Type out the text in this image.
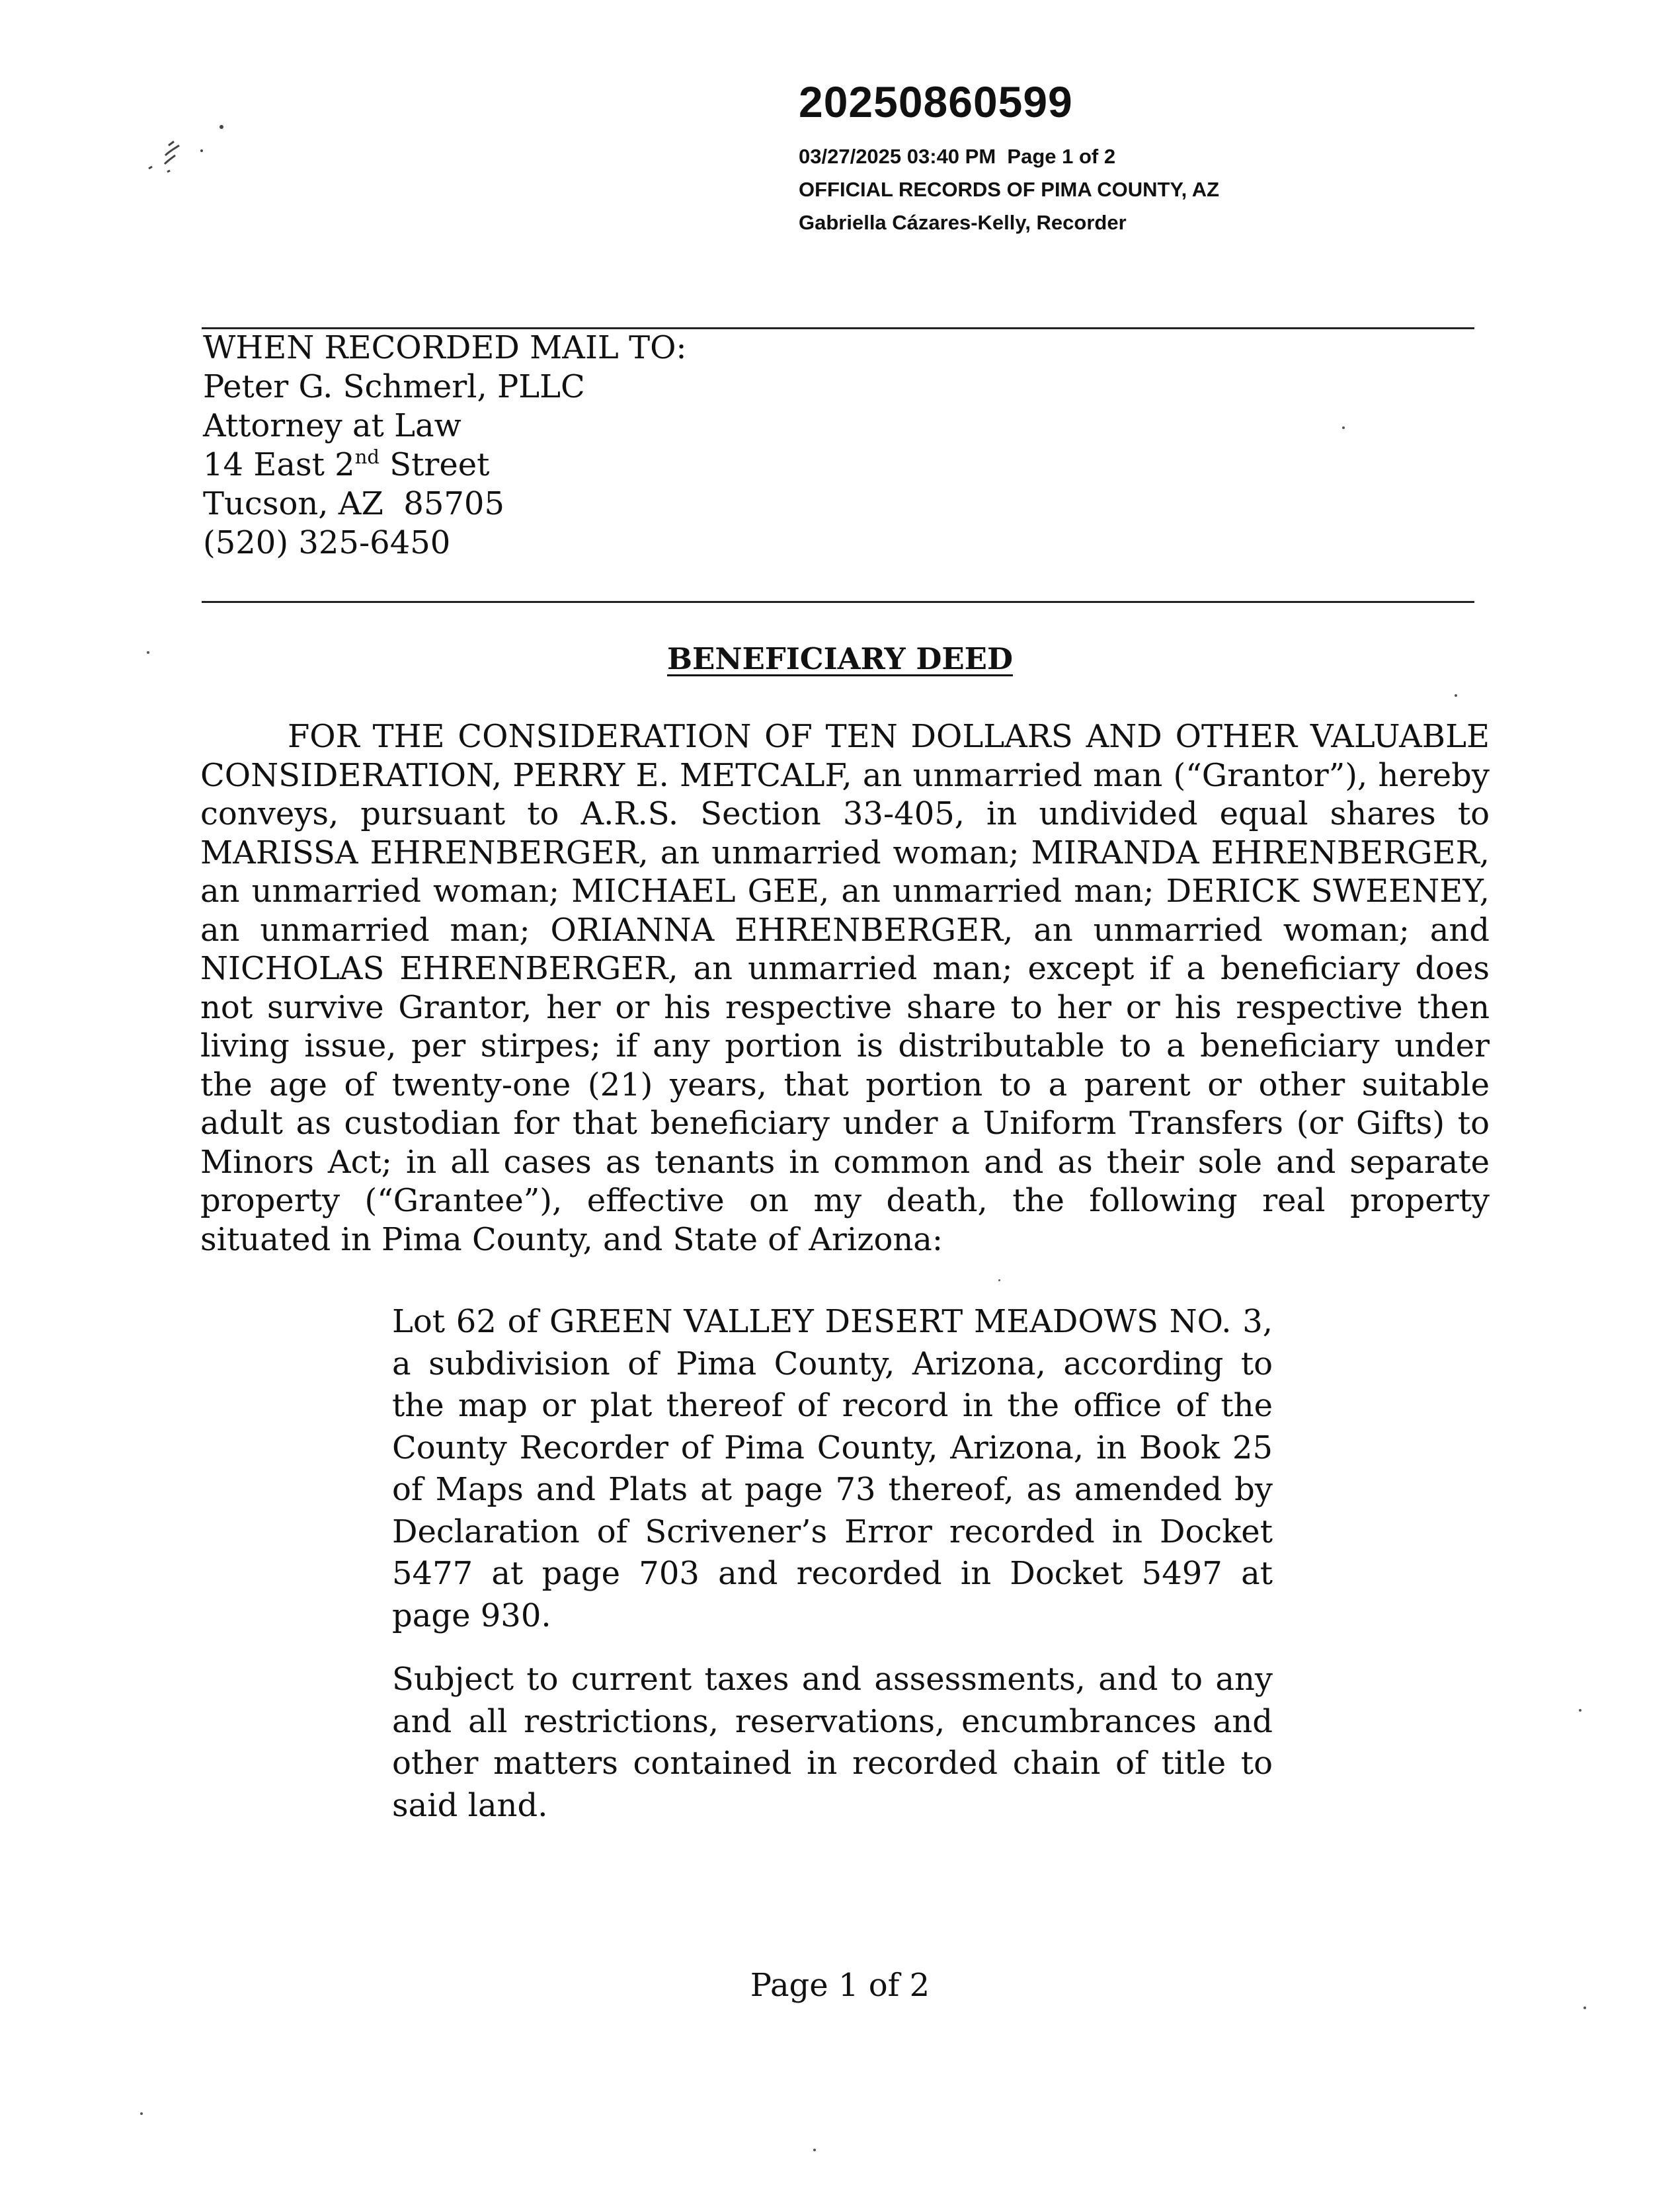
20250860599
03/27/2025 03:40 PM Page 1 of 2
OFFICIAL RECORDS OF PIMA COUNTY, AZ
Gabriella Cázares-Kelly, Recorder
WHEN RECORDED MAIL TO:
Peter G. Schmerl, PLLC
Attorney at Law
14 East 2nd Street
Tucson, AZ  85705
(520) 325-6450
BENEFICIARY DEED
FOR THE CONSIDERATION OF TEN DOLLARS AND OTHER VALUABLE CONSIDERATION, PERRY E. METCALF, an unmarried man (“Grantor”), hereby conveys, pursuant to A.R.S. Section 33-405, in undivided equal shares to MARISSA EHRENBERGER, an unmarried woman; MIRANDA EHRENBERGER, an unmarried woman; MICHAEL GEE, an unmarried man; DERICK SWEENEY, an unmarried man; ORIANNA EHRENBERGER, an unmarried woman; and NICHOLAS EHRENBERGER, an unmarried man; except if a beneficiary does not survive Grantor, her or his respective share to her or his respective then living issue, per stirpes; if any portion is distributable to a beneficiary under the age of twenty-one (21) years, that portion to a parent or other suitable adult as custodian for that beneficiary under a Uniform Transfers (or Gifts) to Minors Act; in all cases as tenants in common and as their sole and separate property (“Grantee”), effective on my death, the following real property situated in Pima County, and State of Arizona:

Lot 62 of GREEN VALLEY DESERT MEADOWS NO. 3, a subdivision of Pima County, Arizona, according to the map or plat thereof of record in the office of the County Recorder of Pima County, Arizona, in Book 25 of Maps and Plats at page 73 thereof, as amended by Declaration of Scrivener’s Error recorded in Docket 5477 at page 703 and recorded in Docket 5497 at page 930.

Subject to current taxes and assessments, and to any and all restrictions, reservations, encumbrances and other matters contained in recorded chain of title to said land.

Page 1 of 2
